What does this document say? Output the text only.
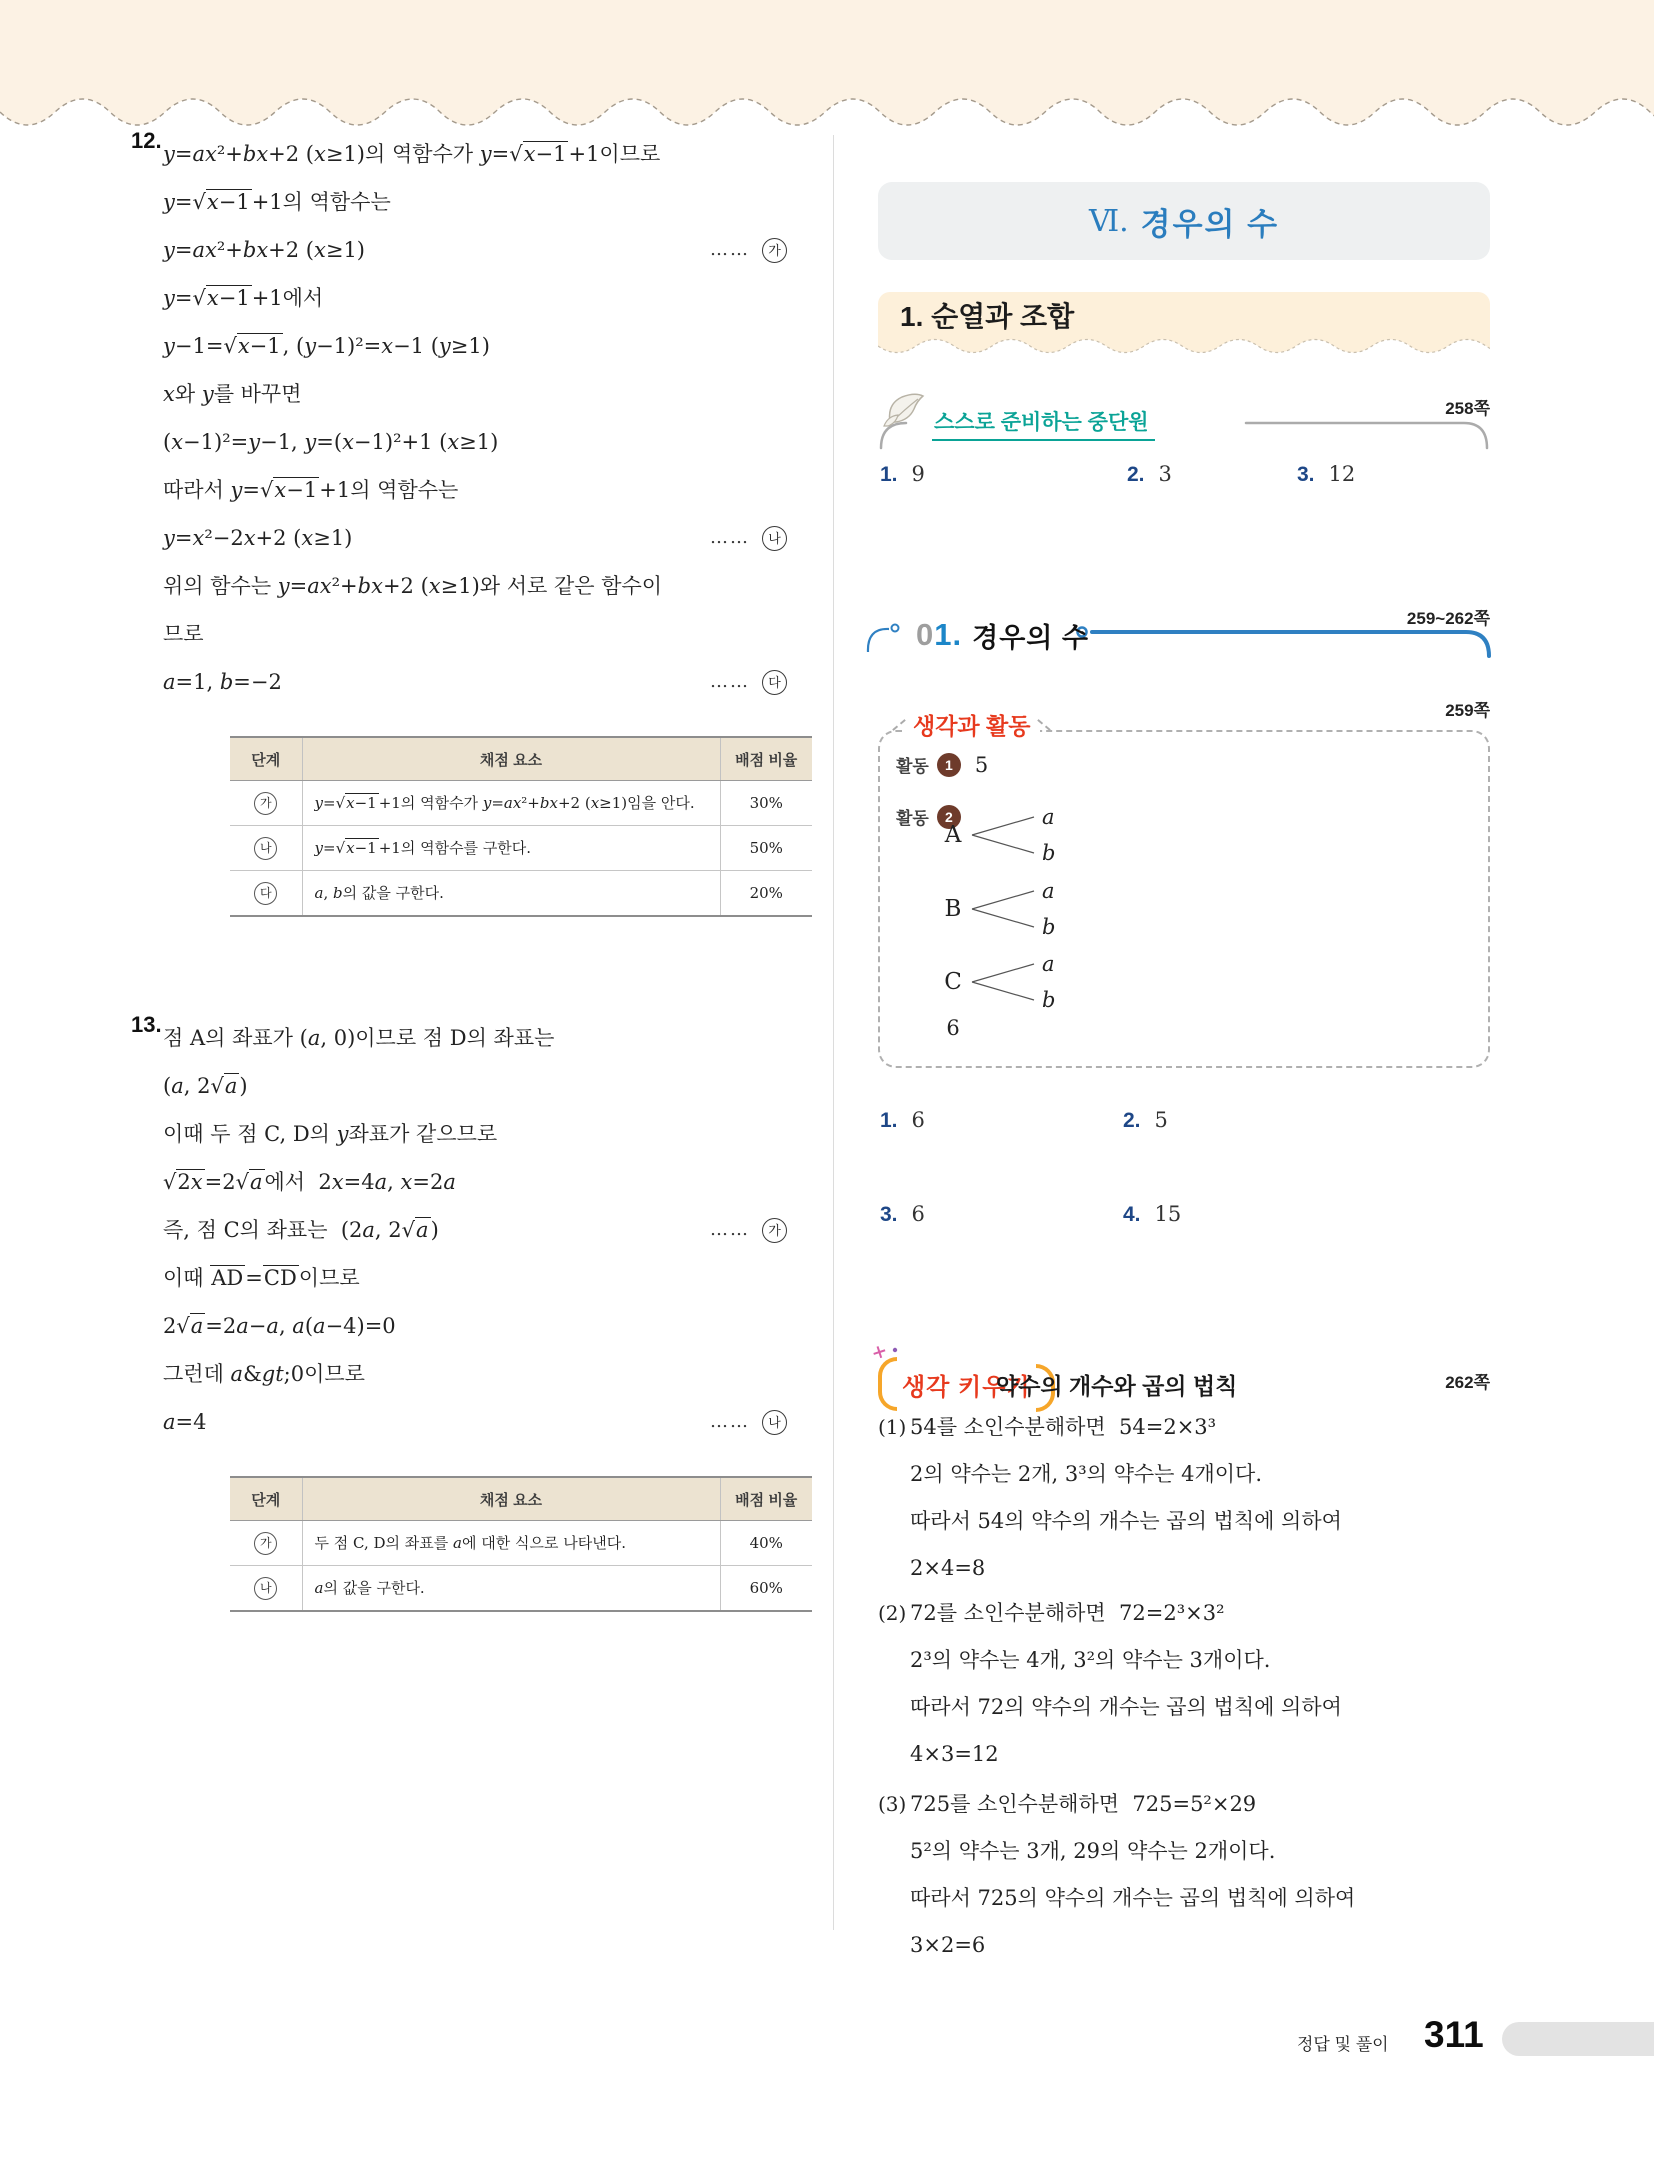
12.
y=ax²+bx+2 (x≥1)의 역함수가 y=√x−1+1이므로
y=√x−1+1의 역함수는
y=ax²+bx+2 (x≥1)	……	가
y=√x−1+1에서
y−1=√x−1, (y−1)²=x−1 (y≥1)
x와 y를 바꾸면
(x−1)²=y−1, y=(x−1)²+1 (x≥1)
따라서 y=√x−1+1의 역함수는
y=x²−2x+2 (x≥1)	……	나
위의 함수는 y=ax²+bx+2 (x≥1)와 서로 같은 함수이
므로
a=1, b=−2	……	다
단계	채점 요소	배점 비율
가	y=√x−1 +1의 역함수가 y=ax²+bx+2 (x≥1)임을 안다.	30%
나	y=√x−1 +1의 역함수를 구한다.	50%
다	a, b의 값을 구한다.	20%
13.
점 A의 좌표가 (a, 0)이므로 점 D의 좌표는
(a, 2√a)
이때 두 점 C, D의 y좌표가 같으므로
√2x=2√a에서  2x=4a, x=2a
즉, 점 C의 좌표는  (2a, 2√a)	……	가
이때 AD=CD이므로
2√a=2a−a, a(a−4)=0
그런데 a&gt;0이므로
a=4	……	나
단계	채점 요소	배점 비율
가	두 점 C, D의 좌표를 a에 대한 식으로 나타낸다.	40%
나	a의 값을 구한다.	60%
Ⅵ. 경우의 수
1. 순열과 조합
258쪽
스스로 준비하는 중단원
1. 9	2. 3	3. 12
259~262쪽
01. 경우의 수
259쪽
생각과 활동
활동	1	5
활동	2
A
a
b
B
a
b
C
a
b
6
1. 6	2. 5
3. 6	4. 15
생각 키우기
약수의 개수와 곱의 법칙	262쪽
(1) 54를 소인수분해하면  54=2×3³
2의 약수는 2개, 3³의 약수는 4개이다.
따라서 54의 약수의 개수는 곱의 법칙에 의하여
2×4=8
(2) 72를 소인수분해하면  72=2³×3²
2³의 약수는 4개, 3²의 약수는 3개이다.
따라서 72의 약수의 개수는 곱의 법칙에 의하여
4×3=12
(3) 725를 소인수분해하면  725=5²×29
5²의 약수는 3개, 29의 약수는 2개이다.
따라서 725의 약수의 개수는 곱의 법칙에 의하여
3×2=6
정답 및 풀이 311
